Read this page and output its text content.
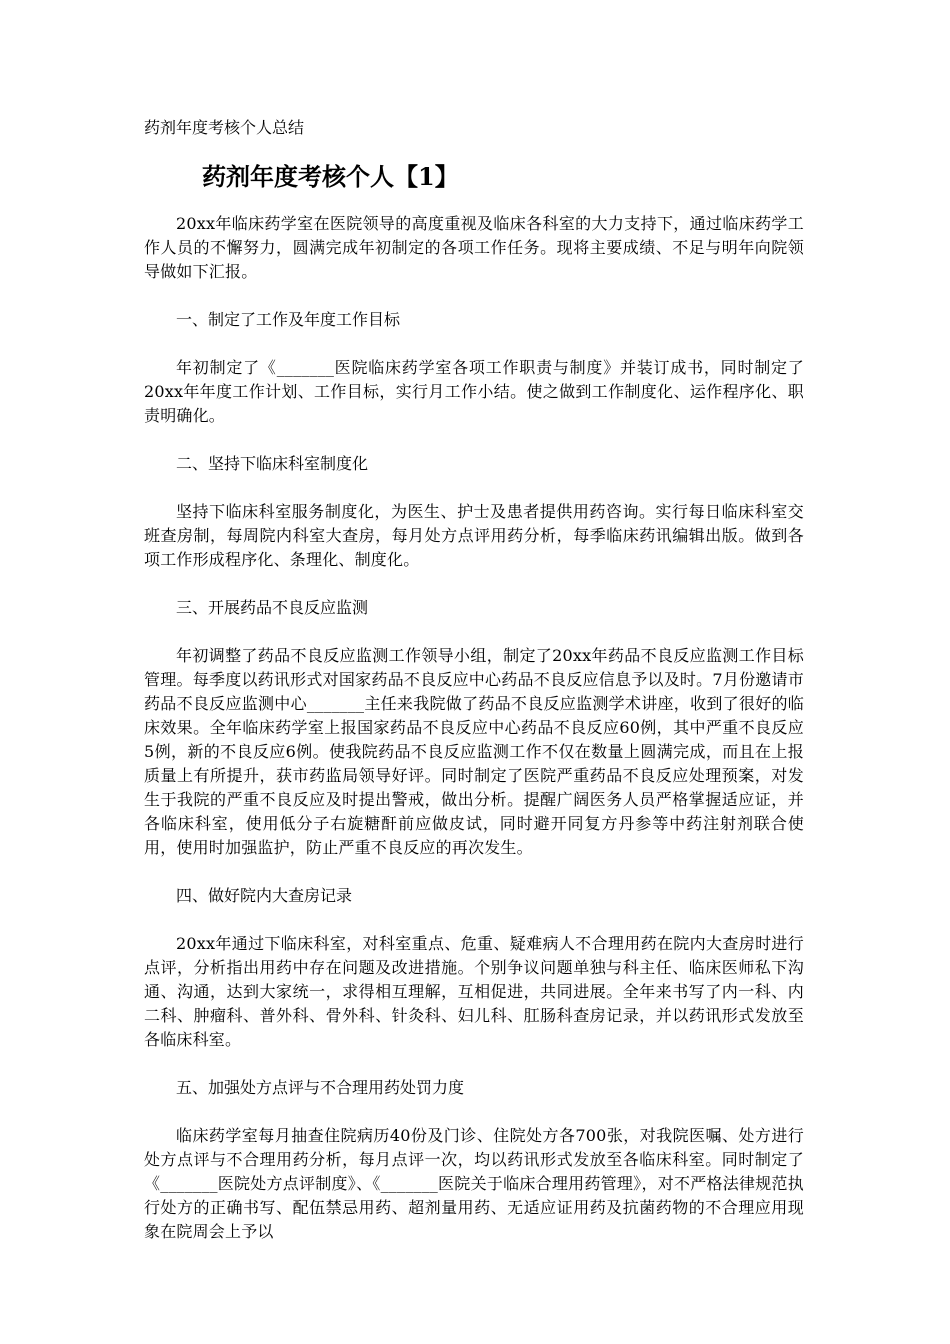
药剂年度考核个人总结
药剂年度考核个人【1】

20xx年临床药学室在医院领导的高度重视及临床各科室的大力支持下，通过临床药学工作人员的不懈努力，圆满完成年初制定的各项工作任务。现将主要成绩、不足与明年向院领导做如下汇报。

一、制定了工作及年度工作目标

年初制定了《_______医院临床药学室各项工作职责与制度》并装订成书，同时制定了20xx年年度工作计划、工作目标，实行月工作小结。使之做到工作制度化、运作程序化、职责明确化。

二、坚持下临床科室制度化

坚持下临床科室服务制度化，为医生、护士及患者提供用药咨询。实行每日临床科室交班查房制，每周院内科室大查房，每月处方点评用药分析，每季临床药讯编辑出版。做到各项工作形成程序化、条理化、制度化。

三、开展药品不良反应监测

年初调整了药品不良反应监测工作领导小组，制定了20xx年药品不良反应监测工作目标管理。每季度以药讯形式对国家药品不良反应中心药品不良反应信息予以及时。7月份邀请市药品不良反应监测中心_______主任来我院做了药品不良反应监测学术讲座，收到了很好的临床效果。全年临床药学室上报国家药品不良反应中心药品不良反应60例，其中严重不良反应5例，新的不良反应6例。使我院药品不良反应监测工作不仅在数量上圆满完成，而且在上报质量上有所提升，获市药监局领导好评。同时制定了医院严重药品不良反应处理预案，对发生于我院的严重不良反应及时提出警戒，做出分析。提醒广阔医务人员严格掌握适应证，并各临床科室，使用低分子右旋糖酐前应做皮试，同时避开同复方丹参等中药注射剂联合使用，使用时加强监护，防止严重不良反应的再次发生。

四、做好院内大查房记录

20xx年通过下临床科室，对科室重点、危重、疑难病人不合理用药在院内大查房时进行点评，分析指出用药中存在问题及改进措施。个别争议问题单独与科主任、临床医师私下沟通、沟通，达到大家统一，求得相互理解，互相促进，共同进展。全年来书写了内一科、内二科、肿瘤科、普外科、骨外科、针灸科、妇儿科、肛肠科查房记录，并以药讯形式发放至各临床科室。

五、加强处方点评与不合理用药处罚力度

临床药学室每月抽查住院病历40份及门诊、住院处方各700张，对我院医嘱、处方进行处方点评与不合理用药分析，每月点评一次，均以药讯形式发放至各临床科室。同时制定了《_______医院处方点评制度》、《_______医院关于临床合理用药管理》，对不严格法律规范执行处方的正确书写、配伍禁忌用药、超剂量用药、无适应证用药及抗菌药物的不合理应用现象在院周会上予以
